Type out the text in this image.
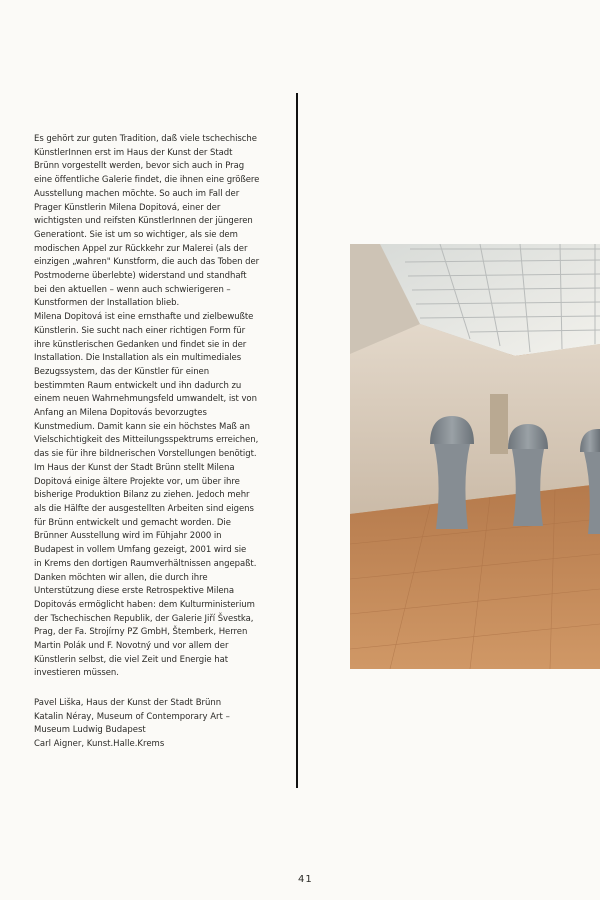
Es gehört zur guten Tradition, daß viele tschechische

KünstlerInnen erst im Haus der Kunst der Stadt

Brünn vorgestellt werden, bevor sich auch in Prag

eine öffentliche Galerie findet, die ihnen eine größere

Ausstellung machen möchte. So auch im Fall der

Prager Künstlerin Milena Dopitová, einer der

wichtigsten und reifsten KünstlerInnen der jüngeren

Generationt. Sie ist um so wichtiger, als sie dem

modischen Appel zur Rückkehr zur Malerei (als der

einzigen „wahren" Kunstform, die auch das Toben der

Postmoderne überlebte) widerstand und standhaft

bei den aktuellen – wenn auch schwierigeren –

Kunstformen der Installation blieb.

Milena Dopitová ist eine ernsthafte und zielbewußte

Künstlerin. Sie sucht nach einer richtigen Form für

ihre künstlerischen Gedanken und findet sie in der

Installation. Die Installation als ein multimediales

Bezugssystem, das der Künstler für einen

bestimmten Raum entwickelt und ihn dadurch zu

einem neuen Wahrnehmungsfeld umwandelt, ist von

Anfang an Milena Dopitovás bevorzugtes

Kunstmedium. Damit kann sie ein höchstes Maß an

Vielschichtigkeit des Mitteilungsspektrums erreichen,

das sie für ihre bildnerischen Vorstellungen benötigt.

Im Haus der Kunst der Stadt Brünn stellt Milena

Dopitová einige ältere Projekte vor, um über ihre

bisherige Produktion Bilanz zu ziehen. Jedoch mehr

als die Hälfte der ausgestellten Arbeiten sind eigens

für Brünn entwickelt und gemacht worden. Die

Brünner Ausstellung wird im Fühjahr 2000 in

Budapest in vollem Umfang gezeigt, 2001 wird sie

in Krems den dortigen Raumverhältnissen angepaßt.

Danken möchten wir allen, die durch ihre

Unterstützung diese erste Retrospektive Milena

Dopitovás ermöglicht haben: dem Kulturministerium

der Tschechischen Republik, der Galerie Jiří Švestka,

Prag, der Fa. Strojírny PZ GmbH, Štemberk, Herren

Martin Polák und F. Novotný und vor allem der

Künstlerin selbst, die viel Zeit und Energie hat

investieren müssen.

Pavel Liška, Haus der Kunst der Stadt Brünn
Katalin Néray, Museum of Contemporary Art –
Museum Ludwig Budapest
Carl Aigner, Kunst.Halle.Krems
41
